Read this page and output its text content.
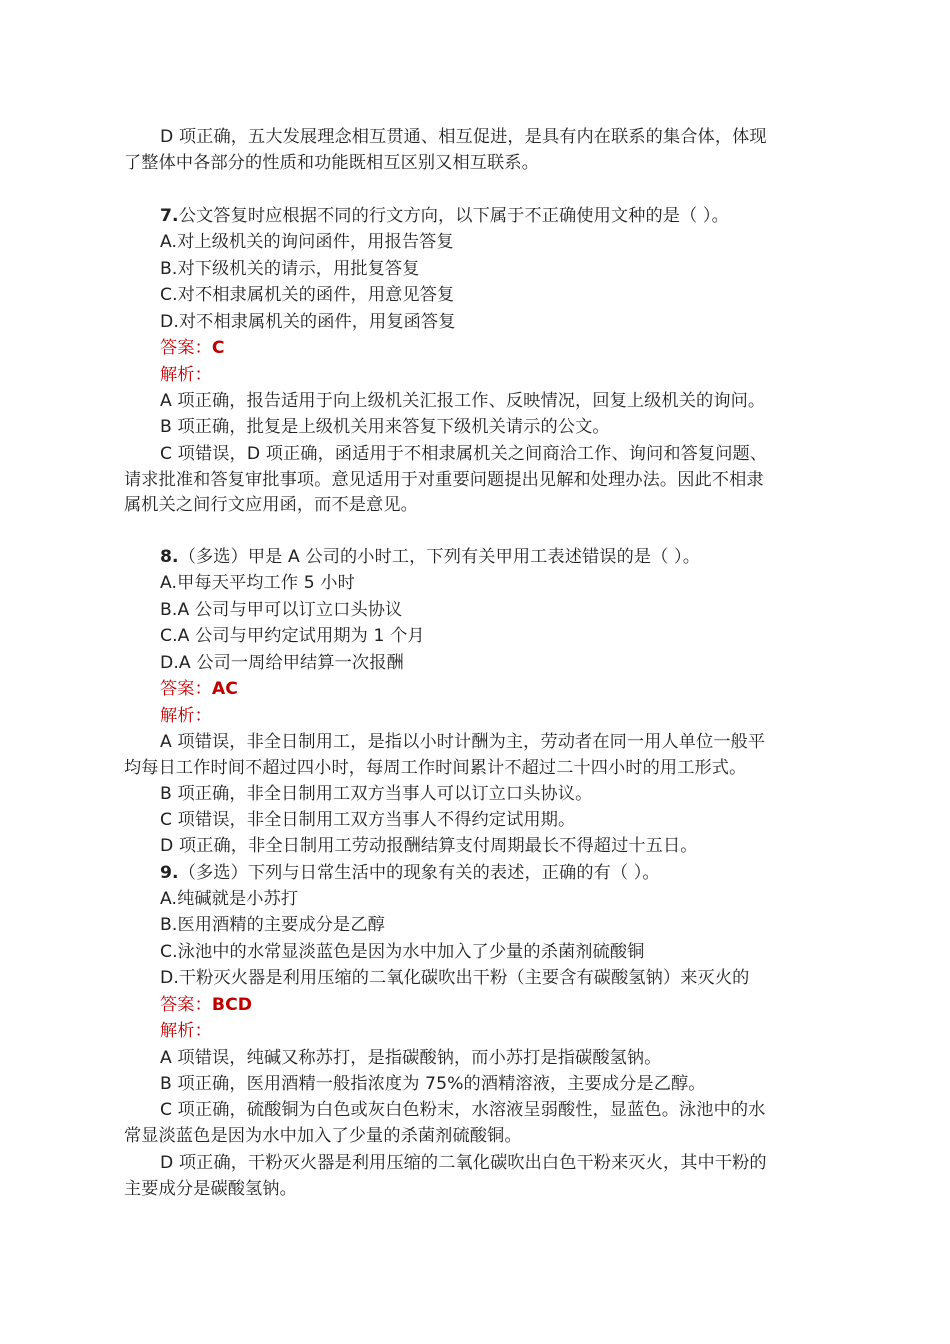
D 项正确，五大发展理念相互贯通、相互促进，是具有内在联系的集合体，体现
了整体中各部分的性质和功能既相互区别又相互联系。
7.公文答复时应根据不同的行文方向，以下属于不正确使用文种的是（ ）。
A.对上级机关的询问函件，用报告答复
B.对下级机关的请示，用批复答复
C.对不相隶属机关的函件，用意见答复
D.对不相隶属机关的函件，用复函答复
答案：C
解析：
A 项正确，报告适用于向上级机关汇报工作、反映情况，回复上级机关的询问。
B 项正确，批复是上级机关用来答复下级机关请示的公文。
C 项错误，D 项正确，函适用于不相隶属机关之间商洽工作、询问和答复问题、
请求批准和答复审批事项。意见适用于对重要问题提出见解和处理办法。因此不相隶
属机关之间行文应用函，而不是意见。
8.（多选）甲是 A 公司的小时工，下列有关甲用工表述错误的是（ ）。
A.甲每天平均工作 5 小时
B.A 公司与甲可以订立口头协议
C.A 公司与甲约定试用期为 1 个月
D.A 公司一周给甲结算一次报酬
答案：AC
解析：
A 项错误，非全日制用工，是指以小时计酬为主，劳动者在同一用人单位一般平
均每日工作时间不超过四小时，每周工作时间累计不超过二十四小时的用工形式。
B 项正确，非全日制用工双方当事人可以订立口头协议。
C 项错误，非全日制用工双方当事人不得约定试用期。
D 项正确，非全日制用工劳动报酬结算支付周期最长不得超过十五日。
9.（多选）下列与日常生活中的现象有关的表述，正确的有（ ）。
A.纯碱就是小苏打
B.医用酒精的主要成分是乙醇
C.泳池中的水常显淡蓝色是因为水中加入了少量的杀菌剂硫酸铜
D.干粉灭火器是利用压缩的二氧化碳吹出干粉（主要含有碳酸氢钠）来灭火的
答案：BCD
解析：
A 项错误，纯碱又称苏打，是指碳酸钠，而小苏打是指碳酸氢钠。
B 项正确，医用酒精一般指浓度为 75%的酒精溶液，主要成分是乙醇。
C 项正确，硫酸铜为白色或灰白色粉末，水溶液呈弱酸性，显蓝色。泳池中的水
常显淡蓝色是因为水中加入了少量的杀菌剂硫酸铜。
D 项正确，干粉灭火器是利用压缩的二氧化碳吹出白色干粉来灭火，其中干粉的
主要成分是碳酸氢钠。
